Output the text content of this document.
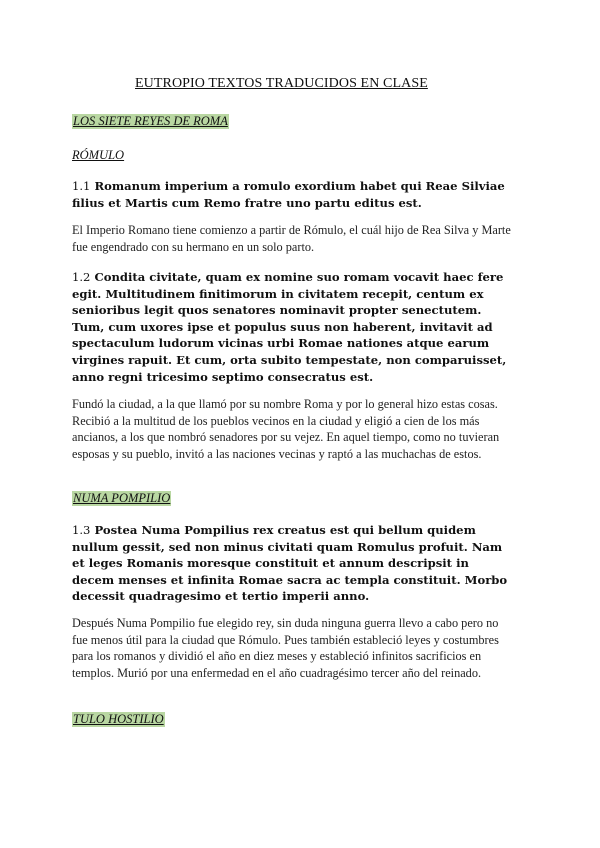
EUTROPIO TEXTOS TRADUCIDOS EN CLASE
LOS SIETE REYES DE ROMA
RÓMULO
1.1 Romanum imperium a romulo exordium habet qui Reae Silviae filius et Martis cum Remo fratre uno partu editus est.
El Imperio Romano tiene comienzo a partir de Rómulo, el cuál hijo de Rea Silva y Marte fue engendrado con su hermano en un solo parto.
1.2 Condita civitate, quam ex nomine suo romam vocavit haec fere egit. Multitudinem finitimorum in civitatem recepit, centum ex senioribus legit quos senatores nominavit propter senectutem. Tum, cum uxores ipse et populus suus non haberent, invitavit ad spectaculum ludorum vicinas urbi Romae nationes atque earum virgines rapuit. Et cum, orta subito tempestate, non comparuisset, anno regni tricesimo septimo consecratus est.
Fundó la ciudad, a la que llamó por su nombre Roma y por lo general hizo estas cosas. Recibió a la multitud de los pueblos vecinos en la ciudad y eligió a cien de los más ancianos, a los que nombró senadores por su vejez. En aquel tiempo, como no tuvieran esposas y su pueblo, invitó a las naciones vecinas y raptó a las muchachas de estos.
NUMA POMPILIO
1.3 Postea Numa Pompilius rex creatus est qui bellum quidem nullum gessit, sed non minus civitati quam Romulus profuit. Nam et leges Romanis moresque constituit et annum descripsit in decem menses et infinita Romae sacra ac templa constituit. Morbo decessit quadragesimo et tertio imperii anno.
Después Numa Pompilio fue elegido rey, sin duda ninguna guerra llevo a cabo pero no fue menos útil para la ciudad que Rómulo. Pues también estableció leyes y costumbres para los romanos y dividió el año en diez meses y estableció infinitos sacrificios en templos. Murió por una enfermedad en el año cuadragésimo tercer año del reinado.
TULO HOSTILIO
